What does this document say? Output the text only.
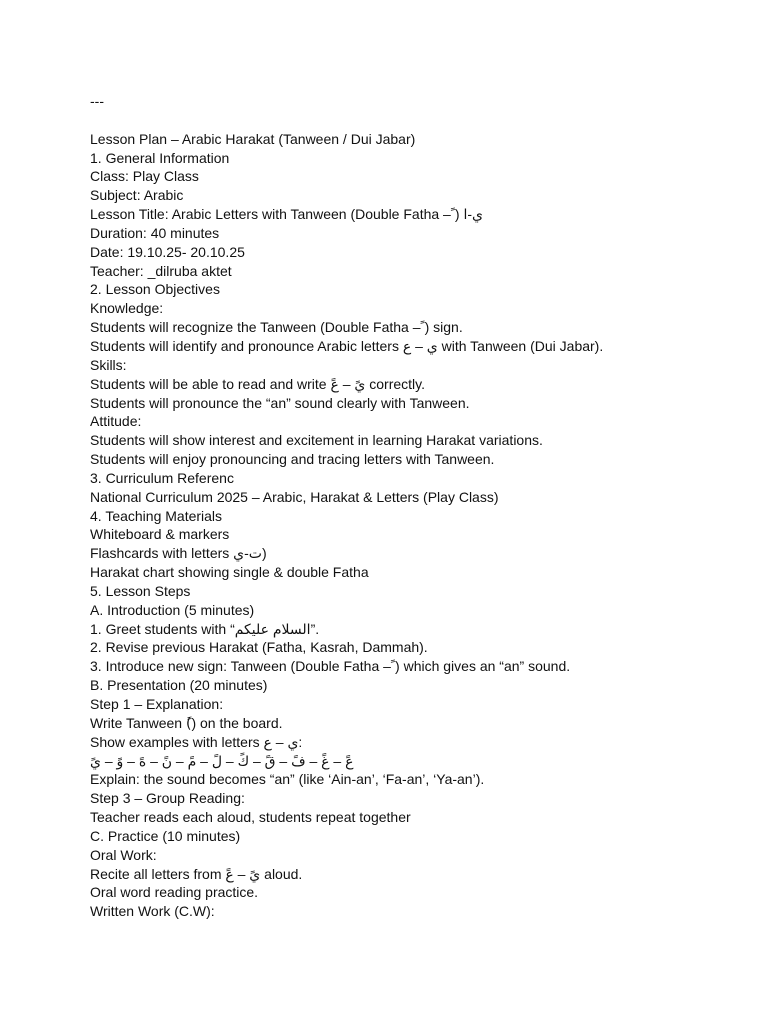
---
Lesson Plan – Arabic Harakat (Tanween / Dui Jabar)
1. General Information
Class: Play Class
Subject: Arabic
Lesson Title: Arabic Letters with Tanween (Double Fatha – ً) ي-ا
Duration: 40 minutes
Date: 19.10.25- 20.10.25
Teacher: _dilruba aktet
2. Lesson Objectives
Knowledge:
Students will recognize the Tanween (Double Fatha – ً) sign.
Students will identify and pronounce Arabic letters ي – ع with Tanween (Dui Jabar).
Skills:
Students will be able to read and write يً – عً correctly.
Students will pronounce the “an” sound clearly with Tanween.
Attitude:
Students will show interest and excitement in learning Harakat variations.
Students will enjoy pronouncing and tracing letters with Tanween.
3. Curriculum Referenc
National Curriculum 2025 – Arabic, Harakat & Letters (Play Class)
4. Teaching Materials
Whiteboard & markers
Flashcards with letters ت-ي)
Harakat chart showing single & double Fatha
5. Lesson Steps
A. Introduction (5 minutes)
1. Greet students with “السلام عليكم”.
2. Revise previous Harakat (Fatha, Kasrah, Dammah).
3. Introduce new sign: Tanween (Double Fatha – ً) which gives an “an” sound.
B. Presentation (20 minutes)
Step 1 – Explanation:
Write Tanween (ً) on the board.
Show examples with letters ي – ع:
عً – غً – فً – قً – كً – لً – مً – نً – هً – وً – يً
Explain: the sound becomes “an” (like ‘Ain-an’, ‘Fa-an’, ‘Ya-an’).
Step 3 – Group Reading:
Teacher reads each aloud, students repeat together
C. Practice (10 minutes)
Oral Work:
Recite all letters from يً – عً aloud.
Oral word reading practice.
Written Work (C.W):
